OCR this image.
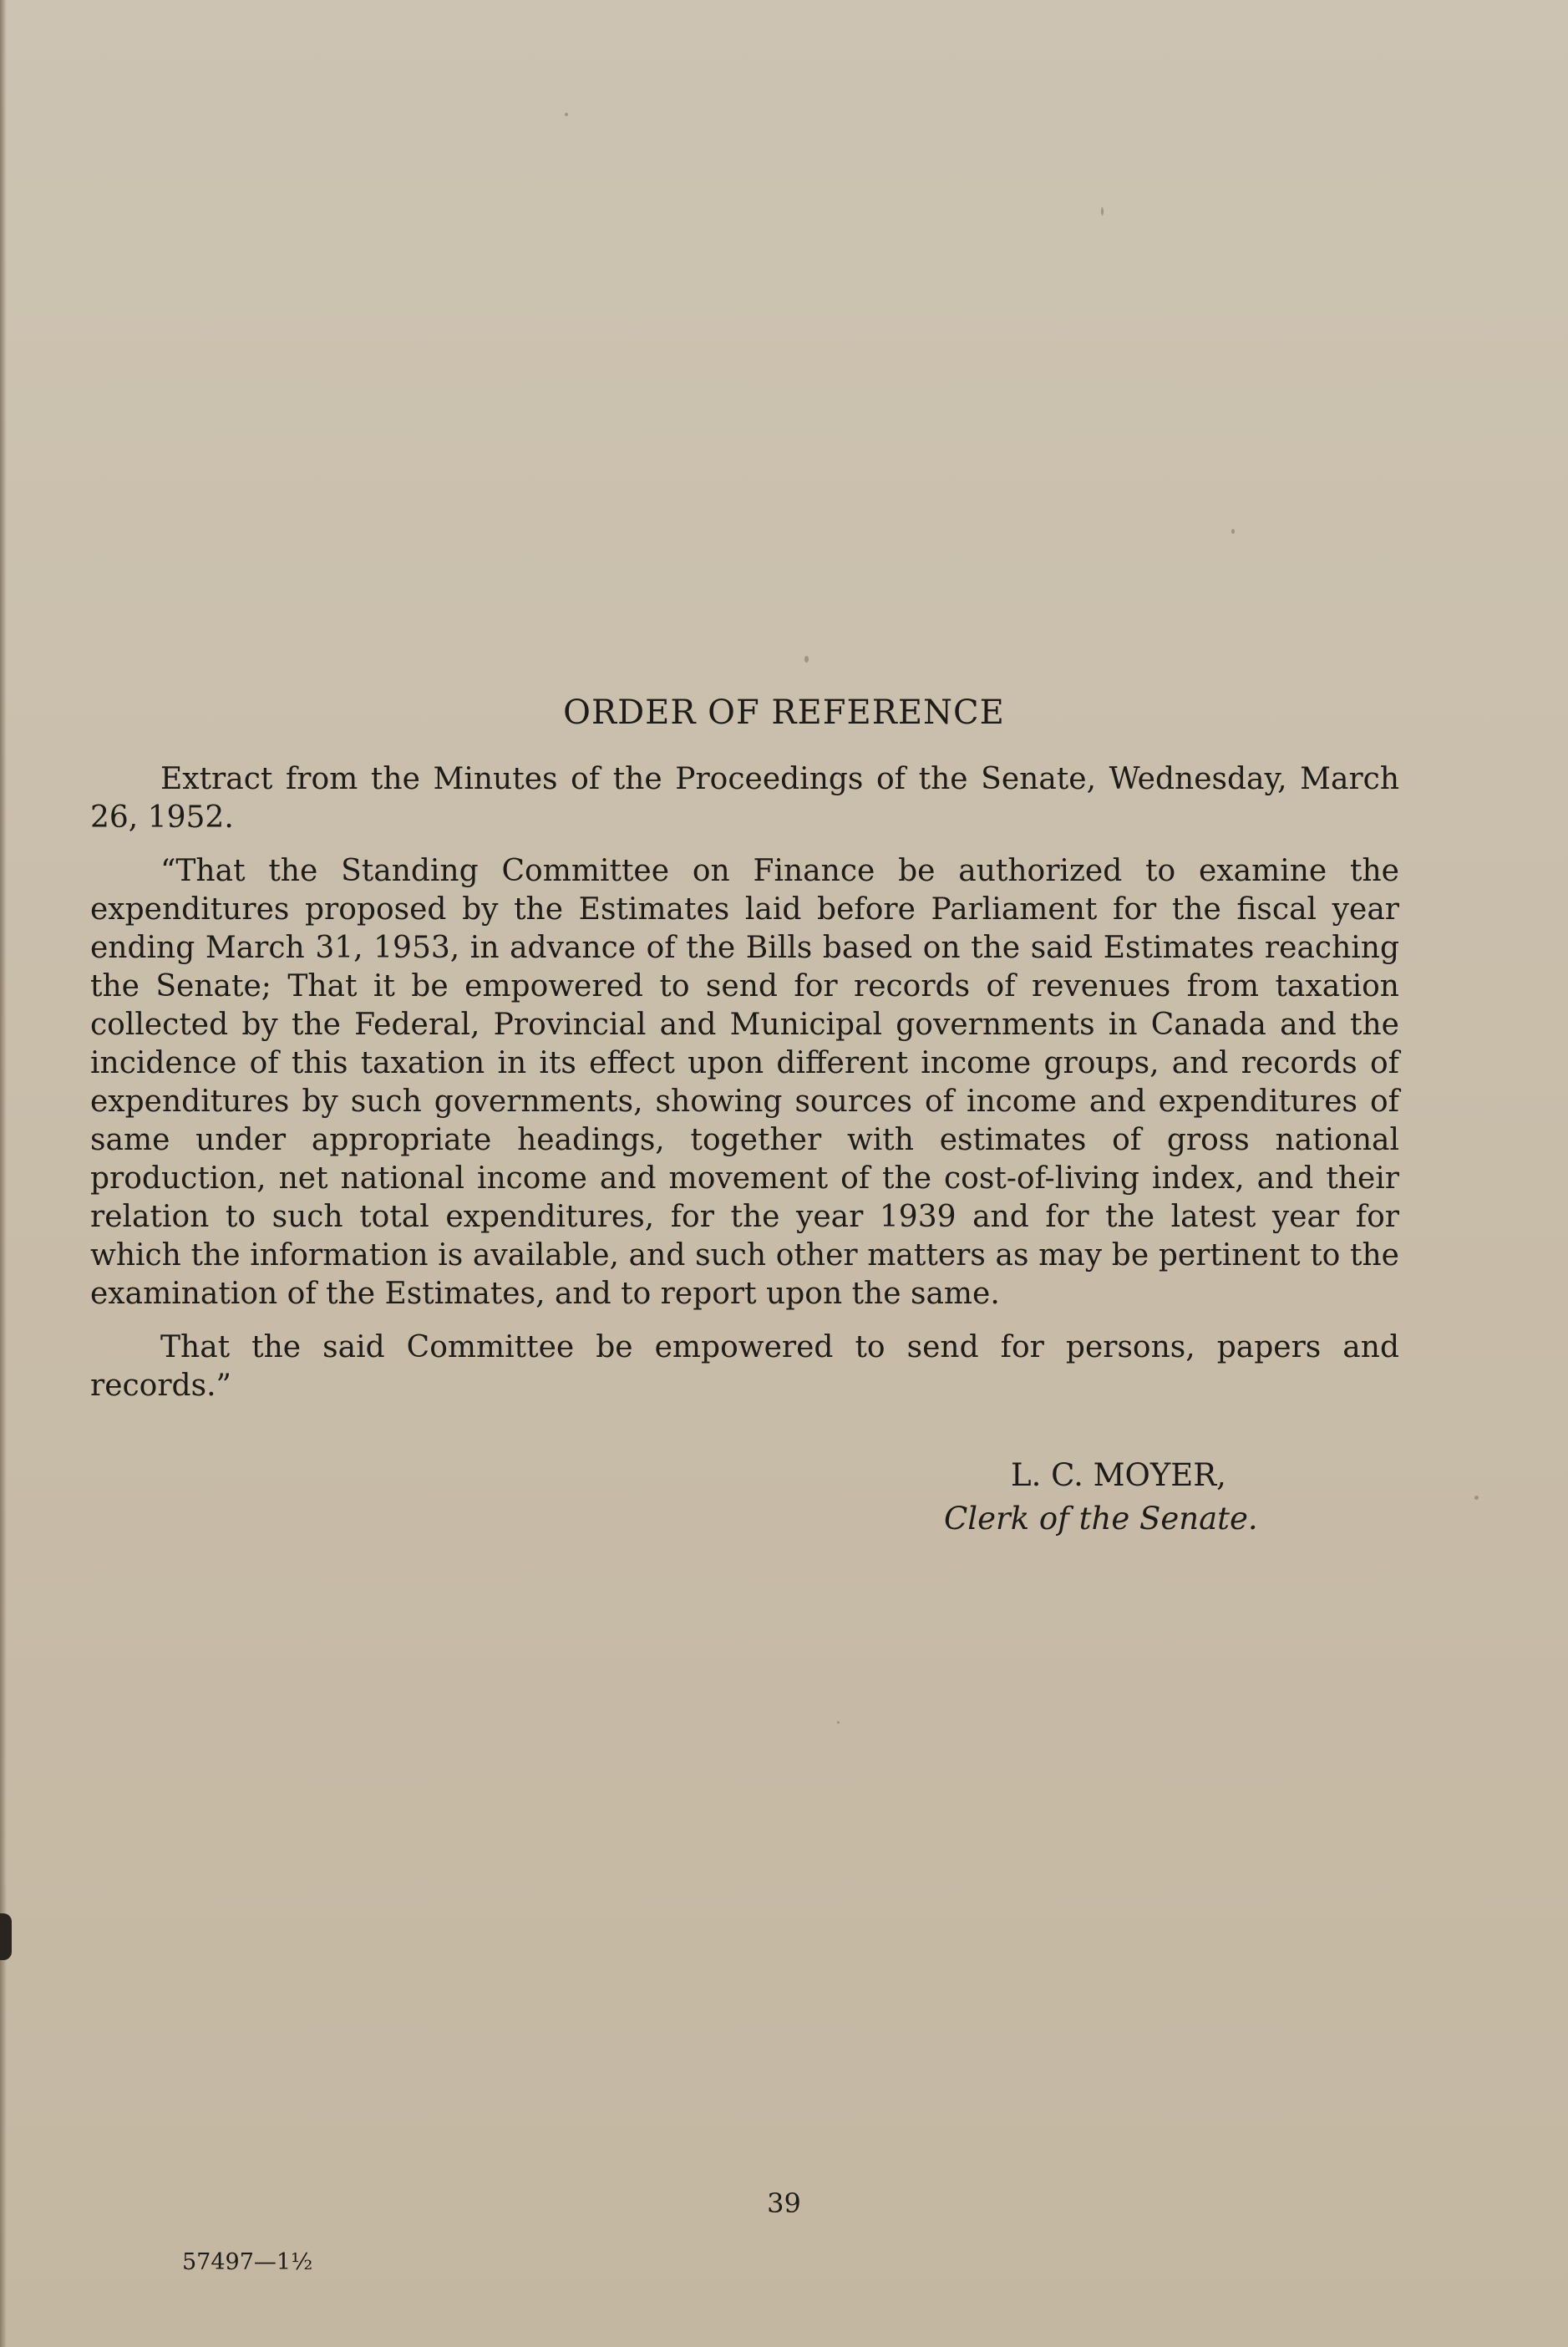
ORDER OF REFERENCE

Extract from the Minutes of the Proceedings of the Senate, Wednesday, March 26, 1952.

“That the Standing Committee on Finance be authorized to examine the expenditures proposed by the Estimates laid before Parliament for the fiscal year ending March 31, 1953, in advance of the Bills based on the said Estimates reaching the Senate; That it be empowered to send for records of revenues from taxation collected by the Federal, Provincial and Municipal governments in Canada and the incidence of this taxation in its effect upon different income groups, and records of expenditures by such governments, showing sources of income and expenditures of same under appropriate headings, together with estimates of gross national production, net national income and movement of the cost-of-living index, and their relation to such total expenditures, for the year 1939 and for the latest year for which the information is available, and such other matters as may be pertinent to the examination of the Estimates, and to report upon the same.

That the said Committee be empowered to send for persons, papers and records.”

L. C. MOYER,
Clerk of the Senate.
39
57497—1½
